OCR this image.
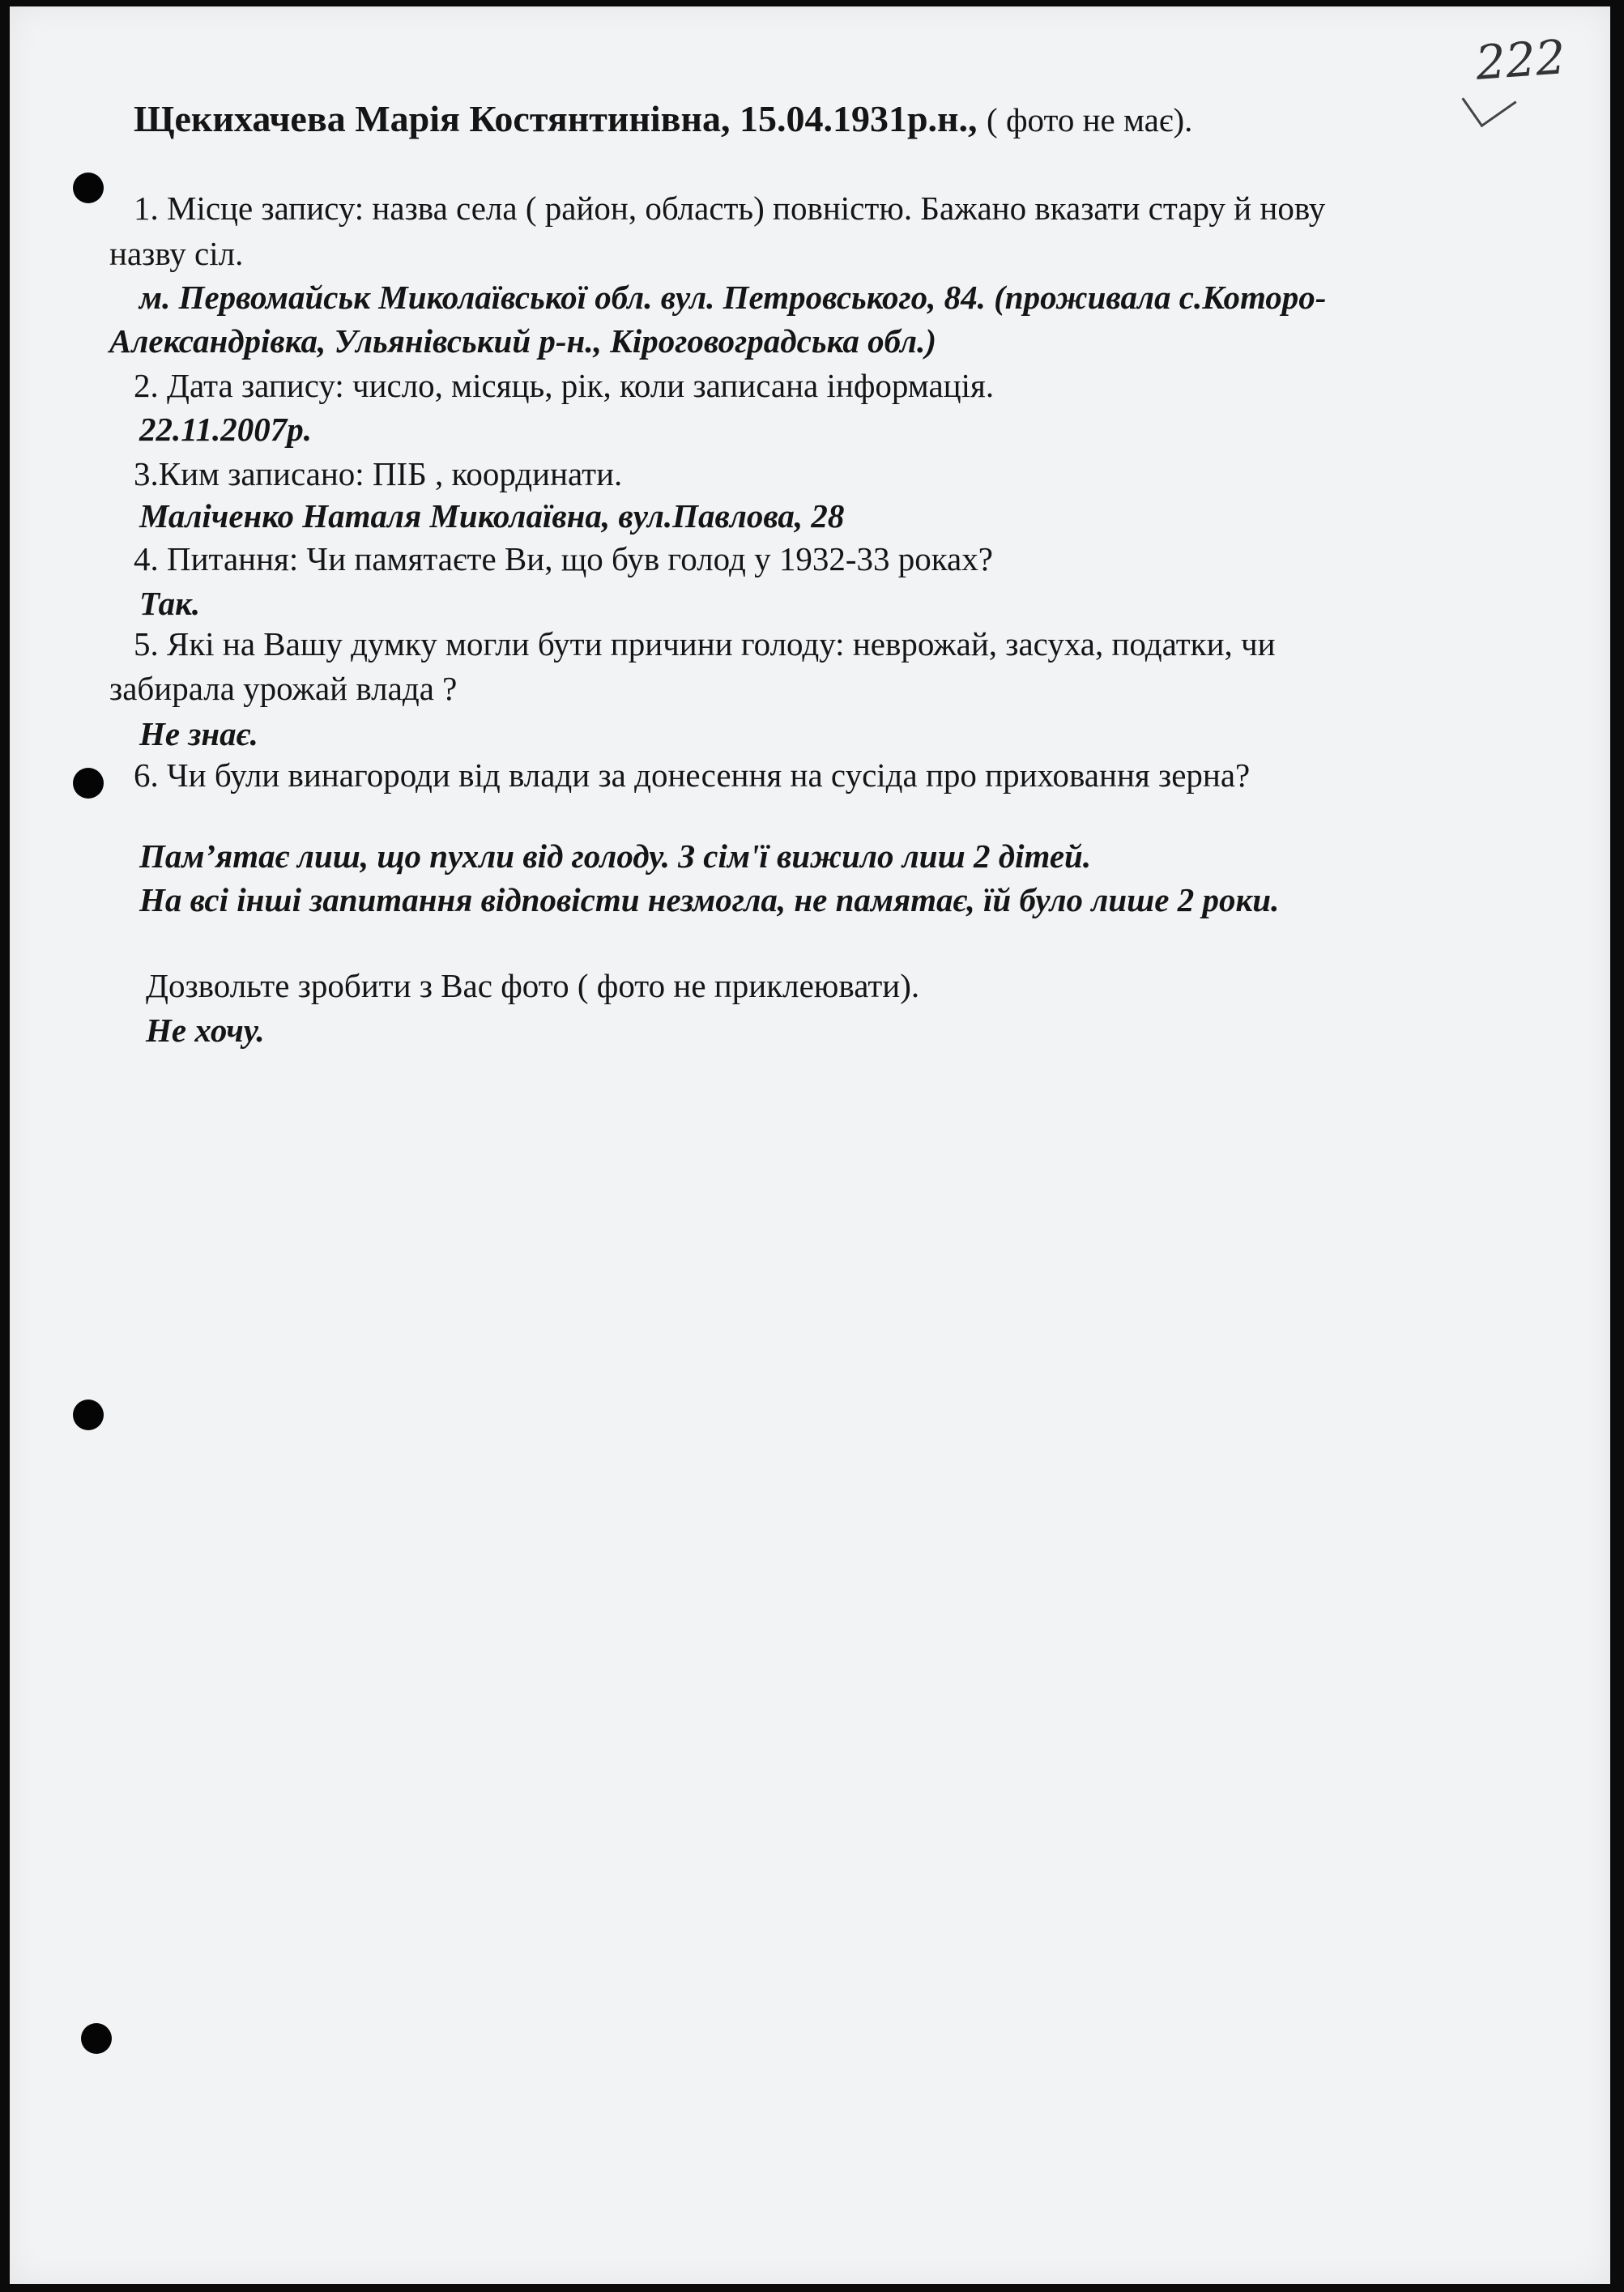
222
Щекихачева Марія Костянтинівна, 15.04.1931р.н., ( фото не має).
1. Місце запису: назва села ( район, область) повністю. Бажано вказати стару й нову
назву сіл.
м. Первомайськ Миколаївської обл. вул. Петровського, 84. (проживала с.Которо-
Александрівка, Ульянівський р-н., Кіроговоградська обл.)
2. Дата запису: число, місяць, рік, коли записана інформація.
22.11.2007р.
3.Ким записано: ПІБ , координати.
Маліченко Наталя Миколаївна, вул.Павлова, 28
4. Питання: Чи памятаєте Ви, що був голод у 1932-33 роках?
Так.
5. Які на Вашу думку могли бути причини голоду: неврожай, засуха, податки, чи
забирала урожай влада ?
Не знає.
6. Чи були винагороди від влади за донесення на сусіда про приховання зерна?
Пам’ятає лиш, що пухли від голоду. З сім'ї вижило лиш 2 дітей.
На всі інші запитання відповісти незмогла, не памятає, їй було лише 2 роки.
Дозвольте зробити з Вас фото ( фото не приклеювати).
Не хочу.
